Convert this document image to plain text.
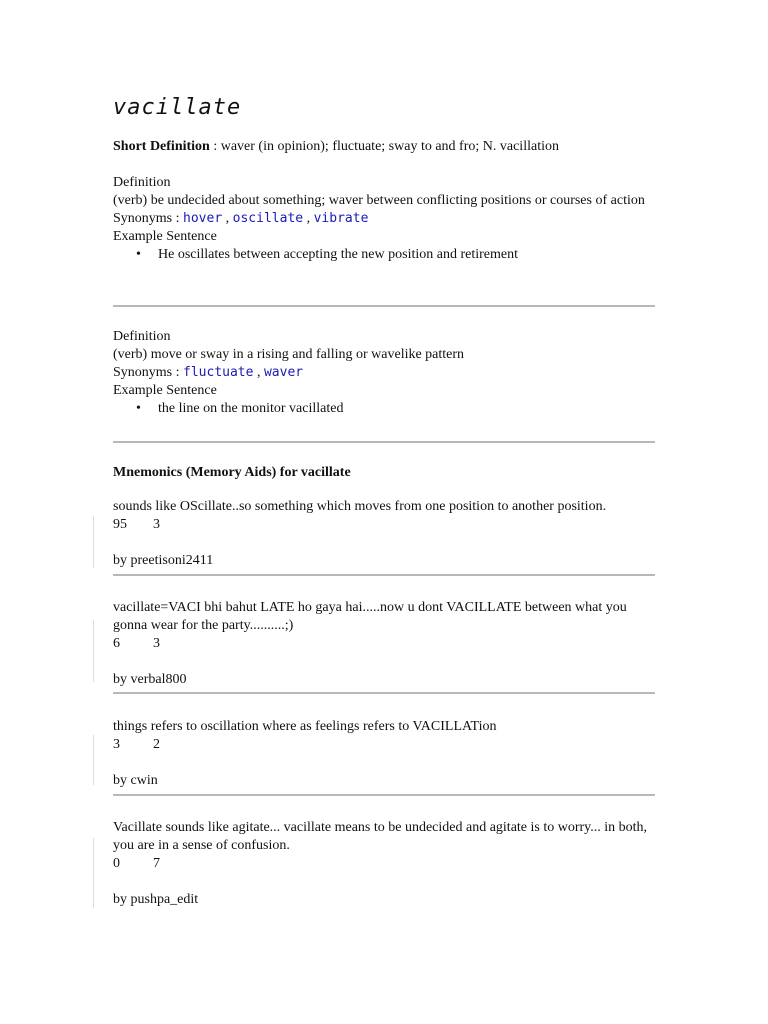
vacillate
Short Definition : waver (in opinion); fluctuate; sway to and fro; N. vacillation
Definition
(verb) be undecided about something; waver between conflicting positions or courses of action
Synonyms : hover , oscillate , vibrate
Example Sentence
• He oscillates between accepting the new position and retirement
Definition
(verb) move or sway in a rising and falling or wavelike pattern
Synonyms : fluctuate , waver
Example Sentence
• the line on the monitor vacillated
Mnemonics (Memory Aids) for vacillate
sounds like OScillate..so something which moves from one position to another position.
95 3
by preetisoni2411
vacillate=VACI bhi bahut LATE ho gaya hai.....now u dont VACILLATE between what you gonna wear for the party..........;)
6 3
by verbal800
things refers to oscillation where as feelings refers to VACILLATion
3 2
by cwin
Vacillate sounds like agitate... vacillate means to be undecided and agitate is to worry... in both, you are in a sense of confusion.
0 7
by pushpa_edit
